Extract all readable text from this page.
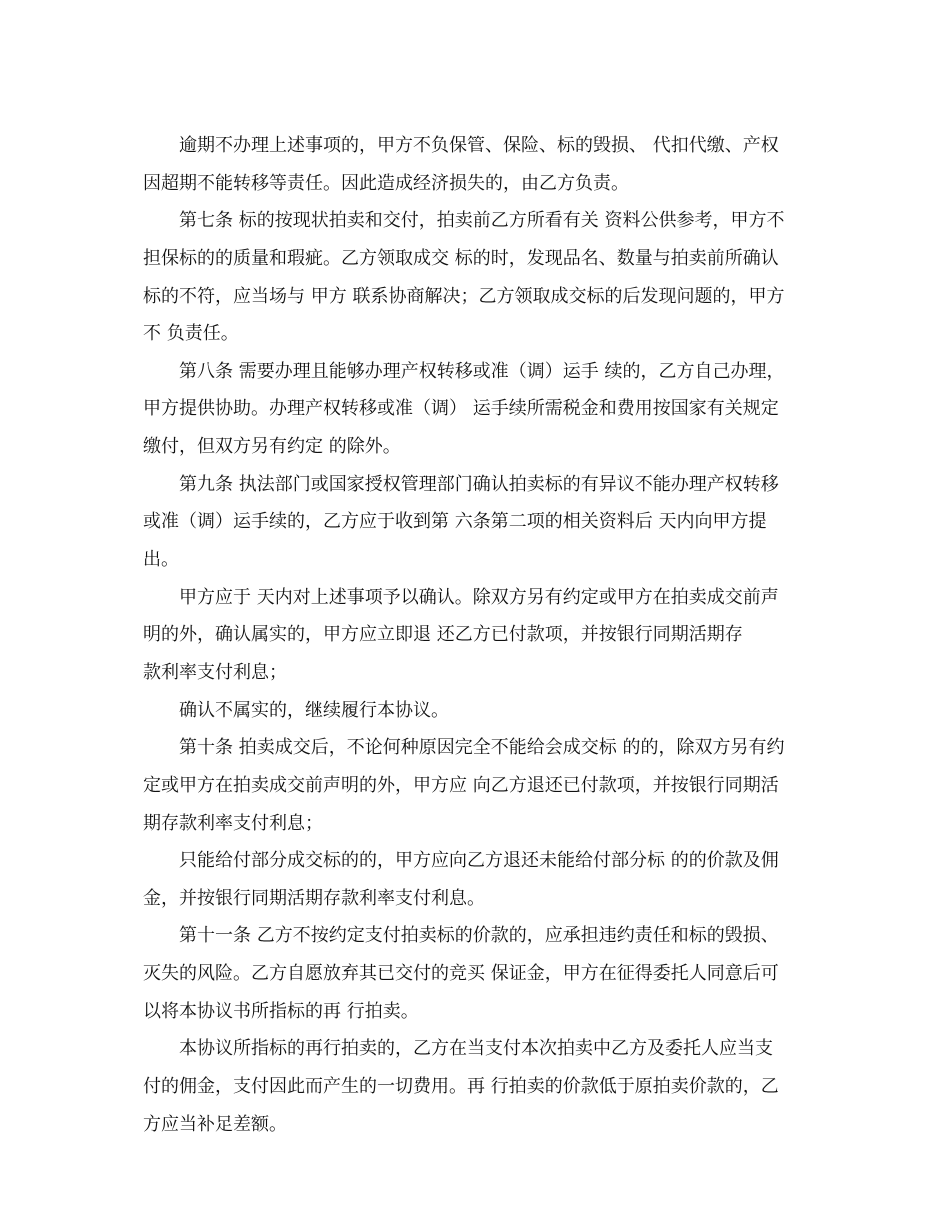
逾期不办理上述事项的，甲方不负保管、保险、标的毁损、 代扣代缴、产权
因超期不能转移等责任。因此造成经济损失的，由乙方负责。
第七条 标的按现状拍卖和交付，拍卖前乙方所看有关 资料公供参考，甲方不
担保标的的质量和瑕疵。乙方领取成交 标的时，发现品名、数量与拍卖前所确认
标的不符，应当场与 甲方 联系协商解决；乙方领取成交标的后发现问题的，甲方
不 负责任。
第八条 需要办理且能够办理产权转移或准（调）运手 续的，乙方自己办理，
甲方提供协助。办理产权转移或准（调） 运手续所需税金和费用按国家有关规定
缴付，但双方另有约定 的除外。
第九条 执法部门或国家授权管理部门确认拍卖标的有异议不能办理产权转移
或准（调）运手续的，乙方应于收到第 六条第二项的相关资料后 天内向甲方提
出。
甲方应于 天内对上述事项予以确认。除双方另有约定或甲方在拍卖成交前声
明的外，确认属实的，甲方应立即退 还乙方已付款项，并按银行同期活期存
款利率支付利息；
确认不属实的，继续履行本协议。
第十条 拍卖成交后，不论何种原因完全不能给会成交标 的的，除双方另有约
定或甲方在拍卖成交前声明的外，甲方应 向乙方退还已付款项，并按银行同期活
期存款利率支付利息；
只能给付部分成交标的的，甲方应向乙方退还未能给付部分标 的的价款及佣
金，并按银行同期活期存款利率支付利息。
第十一条 乙方不按约定支付拍卖标的价款的，应承担违约责任和标的毁损、
灭失的风险。乙方自愿放弃其已交付的竞买 保证金，甲方在征得委托人同意后可
以将本协议书所指标的再 行拍卖。
本协议所指标的再行拍卖的，乙方在当支付本次拍卖中乙方及委托人应当支
付的佣金，支付因此而产生的一切费用。再 行拍卖的价款低于原拍卖价款的，乙
方应当补足差额。
